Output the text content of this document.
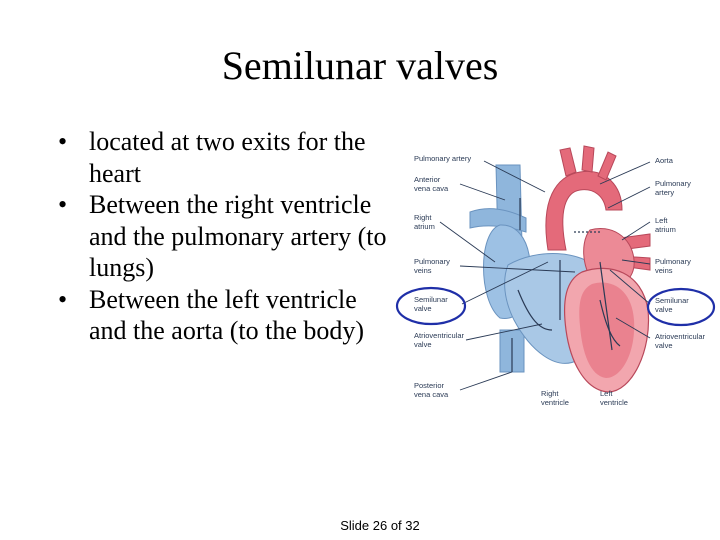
Semilunar valves
• located at two exits for the heart
• Between the right ventricle and the pulmonary artery (to lungs)
• Between the left ventricle and the aorta (to the body)
Pulmonary artery
Anterior vena cava
Right atrium
Pulmonary veins
Semilunar valve
Atrioventricular valve
Posterior vena cava	Right ventricle
Left ventricle
Aorta
Pulmonary artery
Left atrium
Pulmonary veins
Semilunar valve
Atrioventricular valve
Slide 26 of 32
